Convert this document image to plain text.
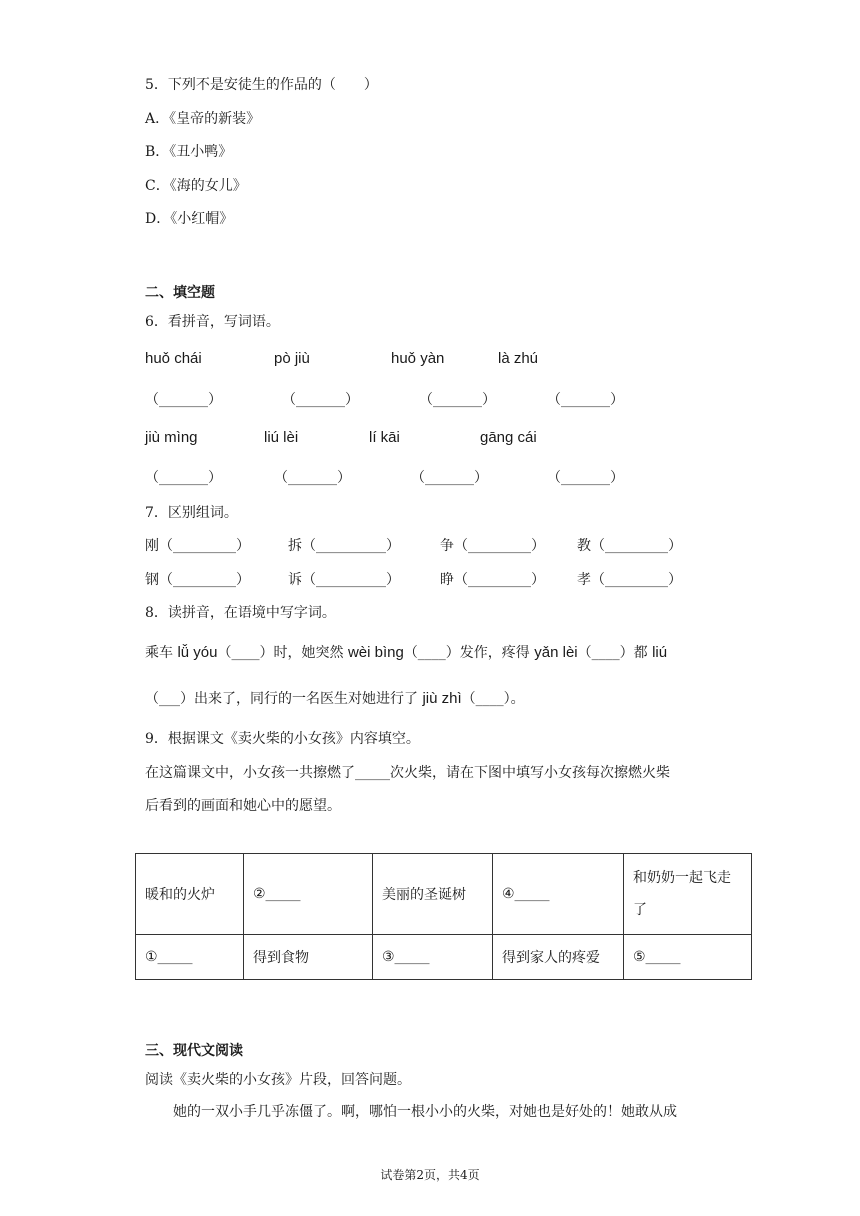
5．下列不是安徒生的作品的（　　）
A．《皇帝的新装》
B．《丑小鸭》
C．《海的女儿》
D．《小红帽》
二、填空题
6．看拼音，写词语。
huǒ chái	pò jiù	huǒ yàn	là zhú
（_______）	（_______）	（_______）	（_______）
jiù mìng	liú lèi	lí kāi	gāng cái
（_______）	（_______）	（_______）	（_______）
7．区别组词。
刚（_________）	拆（__________）	争（_________） 教（_________）
钢（_________）	诉（__________）	睁（_________） 孝（_________）
8．读拼音，在语境中写字词。
乘车 lǚ yóu（____）时，她突然 wèi bìng（____）发作，疼得 yǎn lèi（____）都 liú
（___）出来了，同行的一名医生对她进行了 jiù zhì（____）。
9．根据课文《卖火柴的小女孩》内容填空。
在这篇课文中，小女孩一共擦燃了_____次火柴，请在下图中填写小女孩每次擦燃火柴
后看到的画面和她心中的愿望。
暖和的火炉	②_____	美丽的圣诞树	④_____	和奶奶一起飞走了
①_____	得到食物	③_____	得到家人的疼爱	⑤_____
三、现代文阅读
阅读《卖火柴的小女孩》片段，回答问题。
她的一双小手几乎冻僵了。啊，哪怕一根小小的火柴，对她也是好处的！她敢从成
试卷第2页，共4页
